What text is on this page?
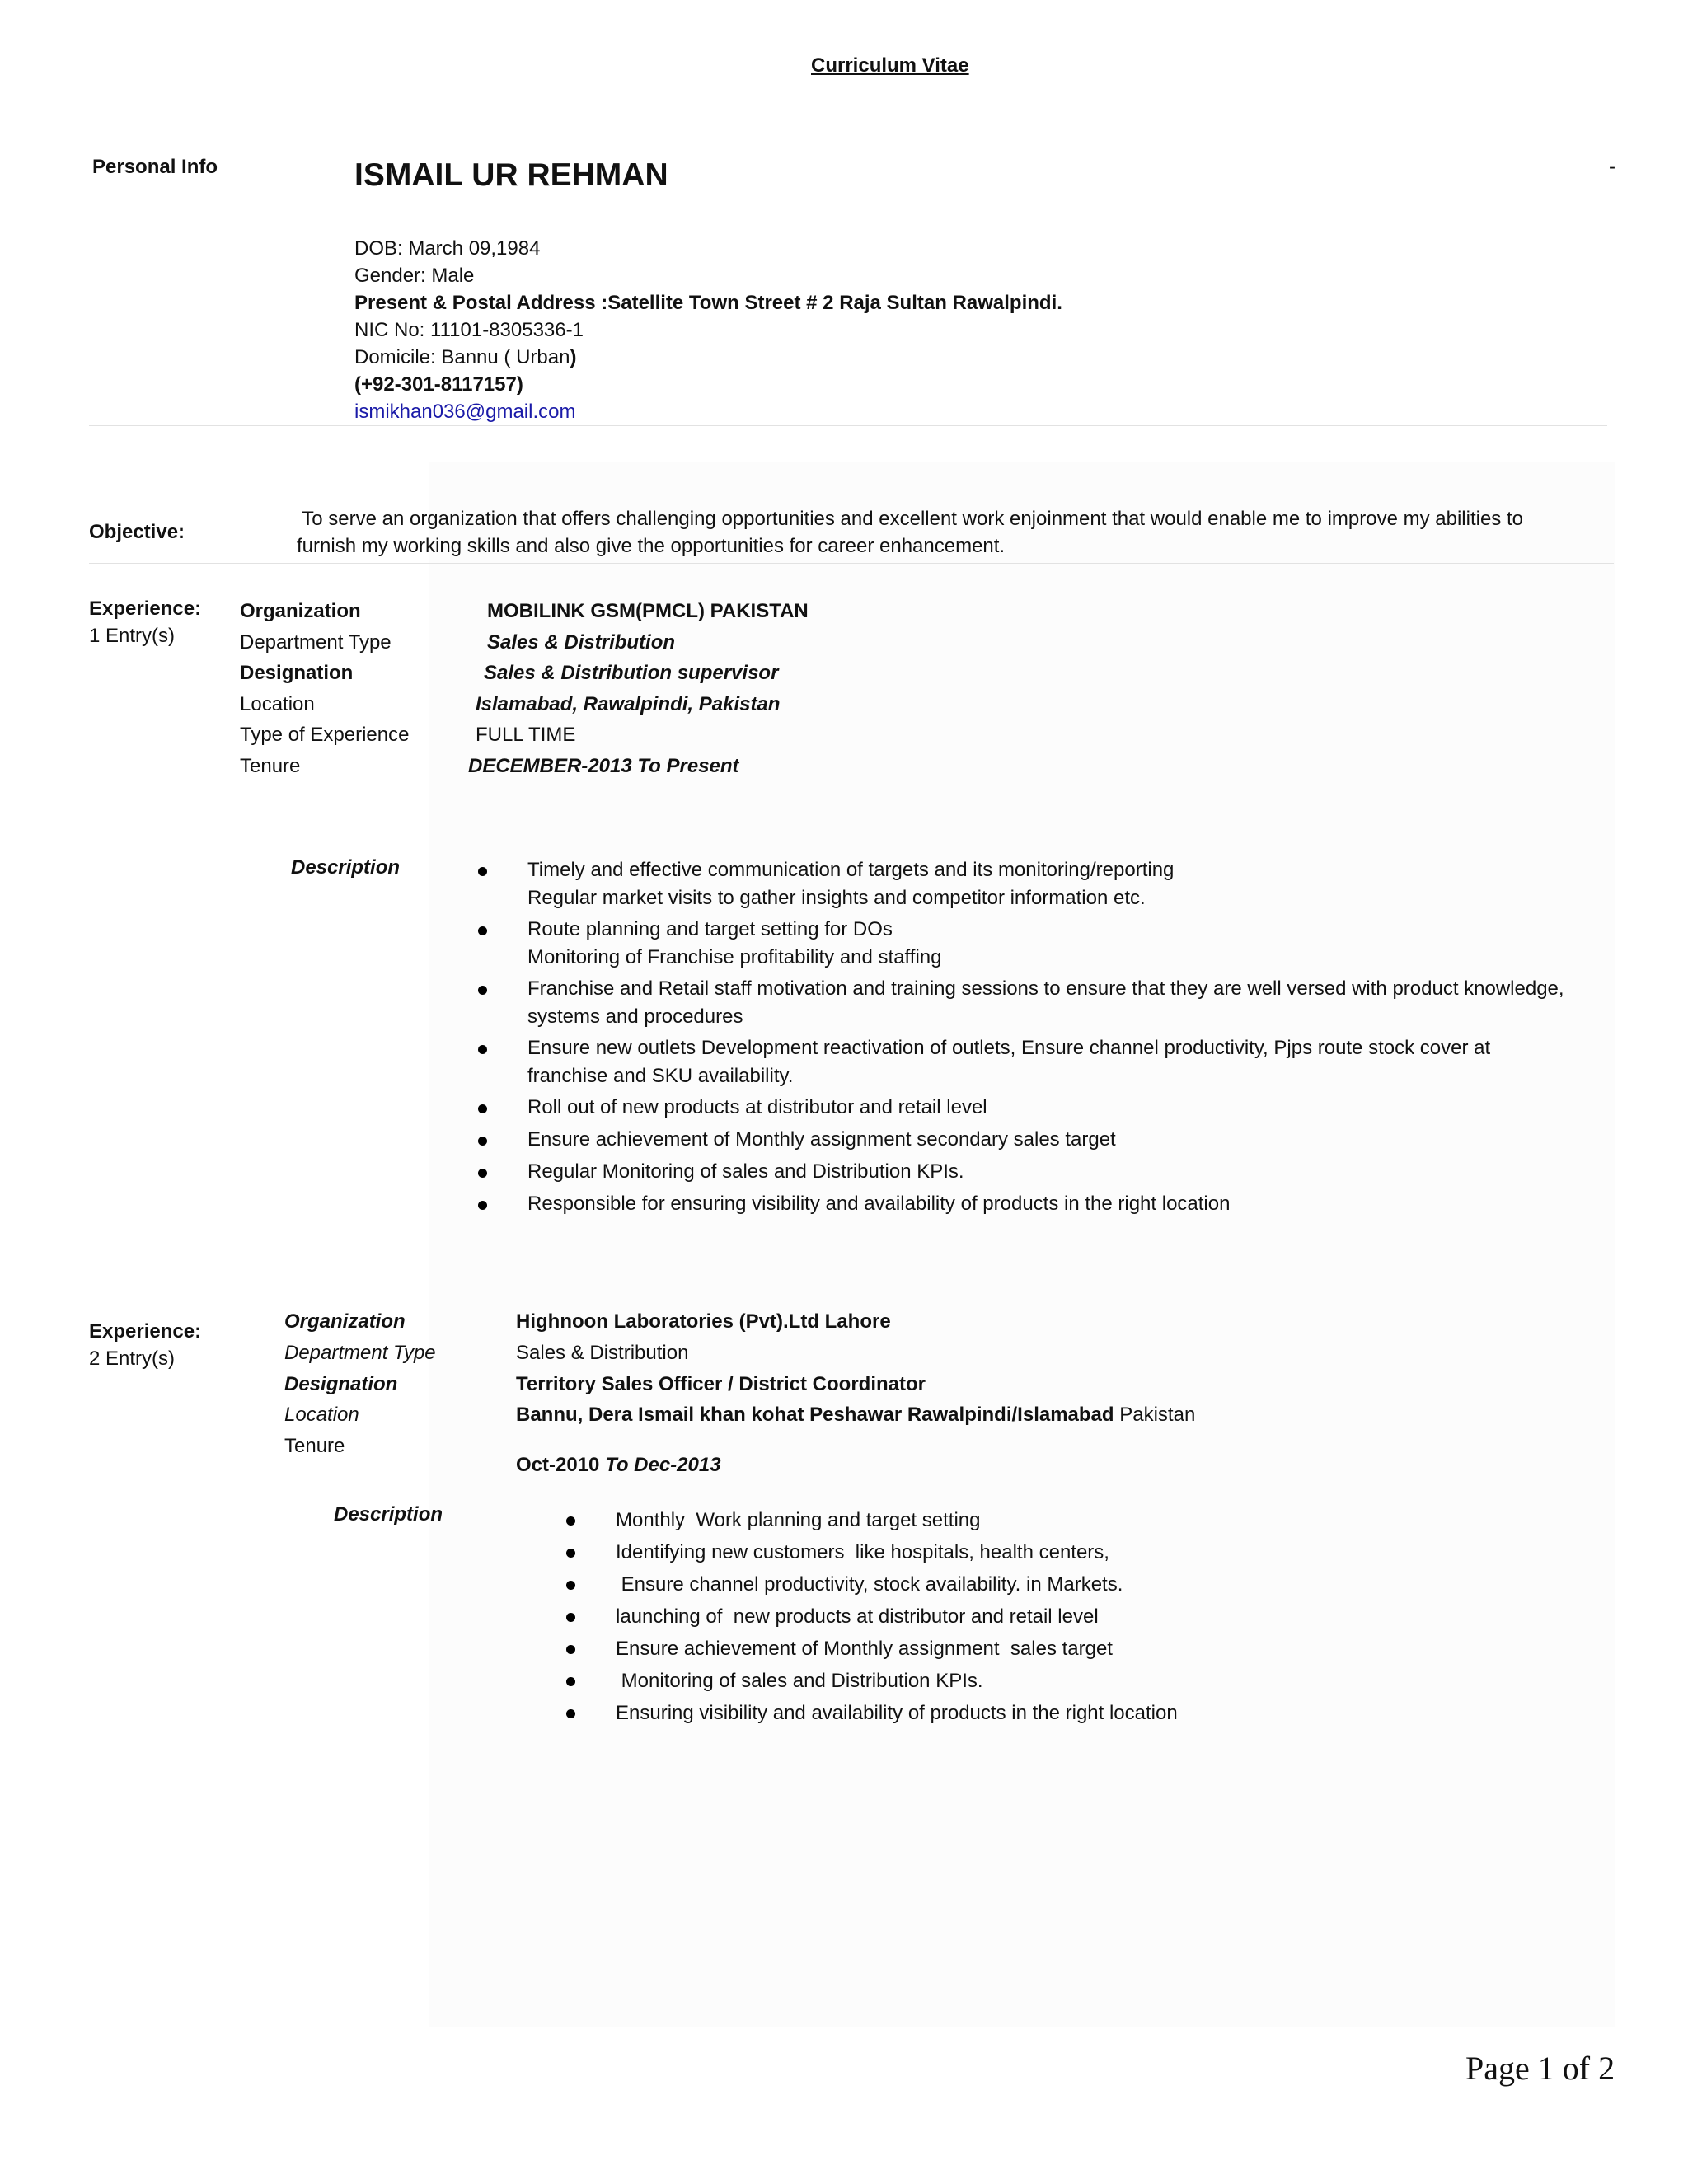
Curriculum Vitae
Personal Info	ISMAIL UR REHMAN	-
DOB: March 09,1984
Gender: Male
Present & Postal Address :Satellite Town Street # 2 Raja Sultan Rawalpindi.
NIC No: 11101-8305336-1
Domicile: Bannu ( Urban)
(+92-301-8117157)
ismikhan036@gmail.com
Objective:
To serve an organization that offers challenging opportunities and excellent work enjoinment that would enable me to improve my abilities to
furnish my working skills and also give the opportunities for career enhancement.
Experience:
1 Entry(s)
Organization	MOBILINK GSM(PMCL) PAKISTAN
Department Type	Sales & Distribution
Designation	Sales & Distribution supervisor
Location	Islamabad, Rawalpindi, Pakistan
Type of Experience	FULL TIME
Tenure	DECEMBER-2013 To Present
Description	Timely and effective communication of targets and its monitoring/reporting
Regular market visits to gather insights and competitor information etc.
Route planning and target setting for DOs
Monitoring of Franchise profitability and staffing
Franchise and Retail staff motivation and training sessions to ensure that they are well versed with product knowledge,
systems and procedures
Ensure new outlets Development reactivation of outlets, Ensure channel productivity, Pjps route stock cover at
franchise and SKU availability.
Roll out of new products at distributor and retail level
Ensure achievement of Monthly assignment secondary sales target
Regular Monitoring of sales and Distribution KPIs.
Responsible for ensuring visibility and availability of products in the right location
Experience:
2 Entry(s)
Organization	Highnoon Laboratories (Pvt).Ltd Lahore
Department Type	Sales & Distribution
Designation	Territory Sales Officer / District Coordinator
Location	Bannu, Dera Ismail khan kohat Peshawar Rawalpindi/Islamabad Pakistan
Tenure
Oct-2010 To Dec-2013
Description	Monthly  Work planning and target setting
Identifying new customers  like hospitals, health centers,
Ensure channel productivity, stock availability. in Markets.
launching of  new products at distributor and retail level
Ensure achievement of Monthly assignment  sales target
Monitoring of sales and Distribution KPIs.
Ensuring visibility and availability of products in the right location
Page 1 of 2
